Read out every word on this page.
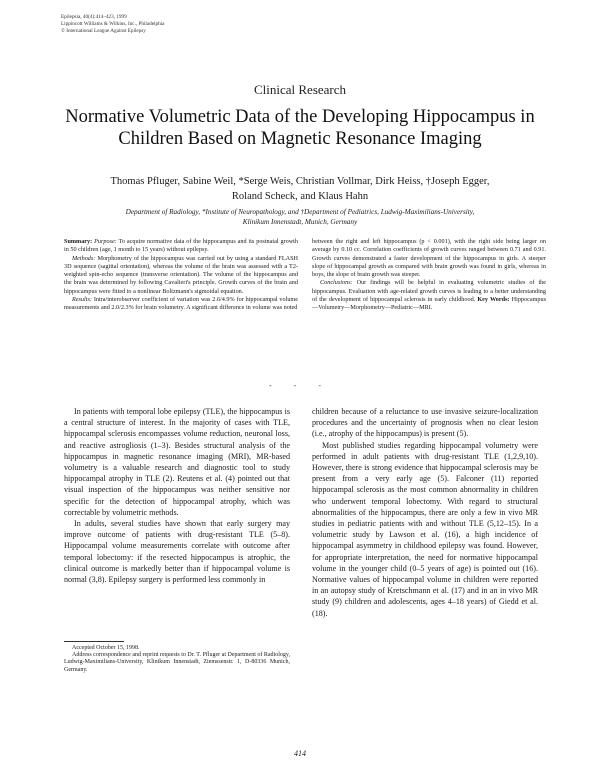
Epilepsia, 40(4):414–423, 1999
Lippincott Williams & Wilkins, Inc., Philadelphia
© International League Against Epilepsy
Clinical Research
Normative Volumetric Data of the Developing Hippocampus in
Children Based on Magnetic Resonance Imaging
Thomas Pfluger, Sabine Weil, *Serge Weis, Christian Vollmar, Dirk Heiss, †Joseph Egger,
Roland Scheck, and Klaus Hahn
Department of Radiology, *Institute of Neuropathology, and †Department of Pediatrics, Ludwig-Maximilians-University,
Klinikum Innenstadt, Munich, Germany

Summary: Purpose: To acquire normative data of the hippocampus and its postnatal growth in 50 children (age, 1 month to 15 years) without epilepsy.

Methods: Morphometry of the hippocampus was carried out by using a standard FLASH 3D sequence (sagittal orientation), whereas the volume of the brain was assessed with a T2-weighted spin-echo sequence (transverse orientation). The volume of the hippocampus and the brain was determined by following Cavalieri's principle. Growth curves of the brain and hippocampus were fitted to a nonlinear Boltzmann's sigmoidal equation.

Results: Intra/interobserver coefficient of variation was 2.6/4.9% for hippocampal volume measurements and 2.0/2.3% for brain volumetry. A significant difference in volume was noted

between the right and left hippocampus (p < 0.001), with the right side being larger on average by 0.10 cc. Correlation coefficients of growth curves ranged between 0.71 and 0.91. Growth curves demonstrated a faster development of the hippocampus in girls. A steeper slope of hippocampal growth as compared with brain growth was found in girls, whereas in boys, the slope of brain growth was steeper.

Conclusions: Our findings will be helpful in evaluating volumetric studies of the hippocampus. Evaluation with age-related growth curves is leading to a better understanding of the development of hippocampal sclerosis in early childhood. Key Words: Hippocampus—Volumetry—Morphometry—Pediatric—MRI.

- - -

In patients with temporal lobe epilepsy (TLE), the hippocampus is a central structure of interest. In the majority of cases with TLE, hippocampal sclerosis encompasses volume reduction, neuronal loss, and reactive astrogliosis (1–3). Besides structural analysis of the hippocampus in magnetic resonance imaging (MRI), MR-based volumetry is a valuable research and diagnostic tool to study hippocampal atrophy in TLE (2). Reutens et al. (4) pointed out that visual inspection of the hippocampus was neither sensitive nor specific for the detection of hippocampal atrophy, which was correctable by volumetric methods.

In adults, several studies have shown that early surgery may improve outcome of patients with drug-resistant TLE (5–8). Hippocampal volume measurements correlate with outcome after temporal lobectomy: if the resected hippocampus is atrophic, the clinical outcome is markedly better than if hippocampal volume is normal (3,8). Epilepsy surgery is performed less commonly in

children because of a reluctance to use invasive seizure-localization procedures and the uncertainty of prognosis when no clear lesion (i.e., atrophy of the hippocampus) is present (5).

Most published studies regarding hippocampal volumetry were performed in adult patients with drug-resistant TLE (1,2,9,10). However, there is strong evidence that hippocampal sclerosis may be present from a very early age (5). Falconer (11) reported hippocampal sclerosis as the most common abnormality in children who underwent temporal lobectomy. With regard to structural abnormalities of the hippocampus, there are only a few in vivo MR studies in pediatric patients with and without TLE (5,12–15). In a volumetric study by Lawson et al. (16), a high incidence of hippocampal asymmetry in childhood epilepsy was found. However, for appropriate interpretation, the need for normative hippocampal volume in the younger child (0–5 years of age) is pointed out (16). Normative values of hippocampal volume in children were reported in an autopsy study of Kretschmann et al. (17) and in an in vivo MR study (9) children and adolescents, ages 4–18 years) of Giedd et al. (18).

Accepted October 15, 1998.

Address correspondence and reprint requests to Dr. T. Pfluger at Department of Radiology, Ludwig-Maximilians-University, Klinikum Innenstadt, Ziemssenstr. 1, D-80336 Munich, Germany.

414
